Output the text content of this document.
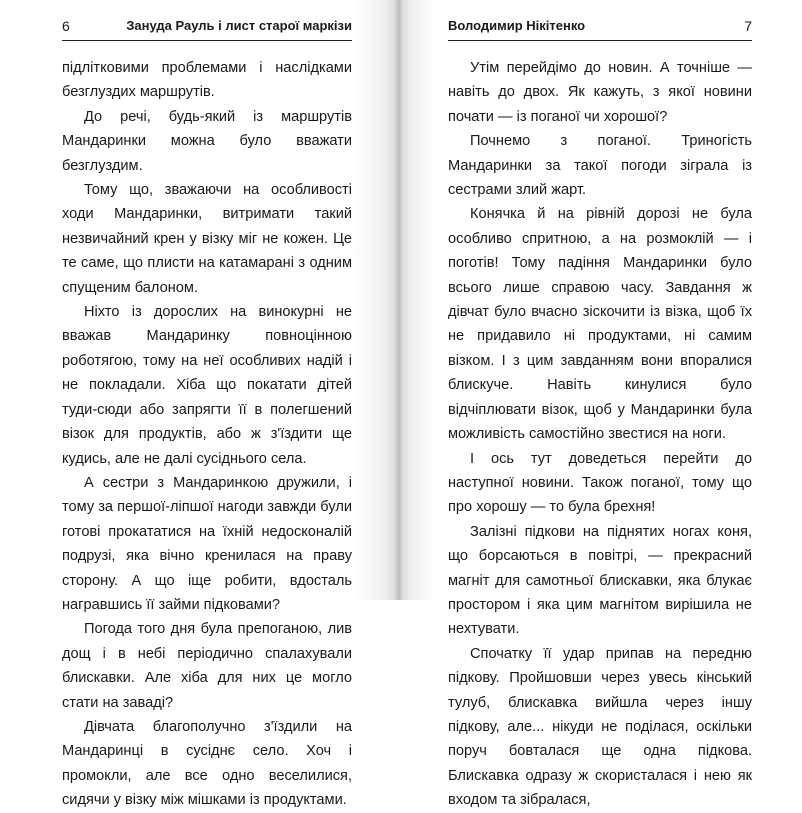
6	Зануда Рауль і лист старої маркізи

підлітковими проблемами і наслідками безглуздих маршрутів.

До речі, будь-який із маршрутів Мандаринки можна було вважати безглуздим.

Тому що, зважаючи на особливості ходи Мандаринки, витримати такий незвичайний крен у візку міг не кожен. Це те саме, що плисти на катамарані з одним спущеним балоном.

Ніхто із дорослих на винокурні не вважав Мандаринку повноцінною роботягою, тому на неї особливих надій і не покладали. Хіба що покатати дітей туди-сюди або запрягти її в полегшений візок для продуктів, або ж з'їздити ще кудись, але не далі сусіднього села.

А сестри з Мандаринкою дружили, і тому за першої-ліпшої нагоди завжди були готові прокататися на їхній недосконалій подрузі, яка вічно кренилася на праву сторону. А що іще робити, вдосталь награвшись її займи підковами?

Погода того дня була препоганою, лив дощ і в небі періодично спалахували блискавки. Але хіба для них це могло стати на заваді?

Дівчата благополучно з'їздили на Мандаринці в сусіднє село. Хоч і промокли, але все одно веселилися, сидячи у візку між мішками із продуктами.

Володимир Нікітенко	7

Утім перейдімо до новин. А точніше — навіть до двох. Як кажуть, з якої новини почати — із поганої чи хорошої?

Почнемо з поганої. Триногість Мандаринки за такої погоди зіграла із сестрами злий жарт.

Конячка й на рівній дорозі не була особливо спритною, а на розмоклій — і поготів! Тому падіння Мандаринки було всього лише справою часу. Завдання ж дівчат було вчасно зіскочити із візка, щоб їх не придавило ні продуктами, ні самим візком. І з цим завданням вони впоралися блискуче. Навіть кинулися було відчіплювати візок, щоб у Мандаринки була можливість самостійно звестися на ноги.

І ось тут доведеться перейти до наступної новини. Також поганої, тому що про хорошу — то була брехня!

Залізні підкови на піднятих ногах коня, що борсаються в повітрі, — прекрасний магніт для самотньої блискавки, яка блукає простором і яка цим магнітом вирішила не нехтувати.

Спочатку її удар припав на передню підкову. Пройшовши через увесь кінський тулуб, блискавка вийшла через іншу підкову, але... нікуди не поділася, оскільки поруч бовталася ще одна підкова. Блискавка одразу ж скористалася і нею як входом та зібралася,
